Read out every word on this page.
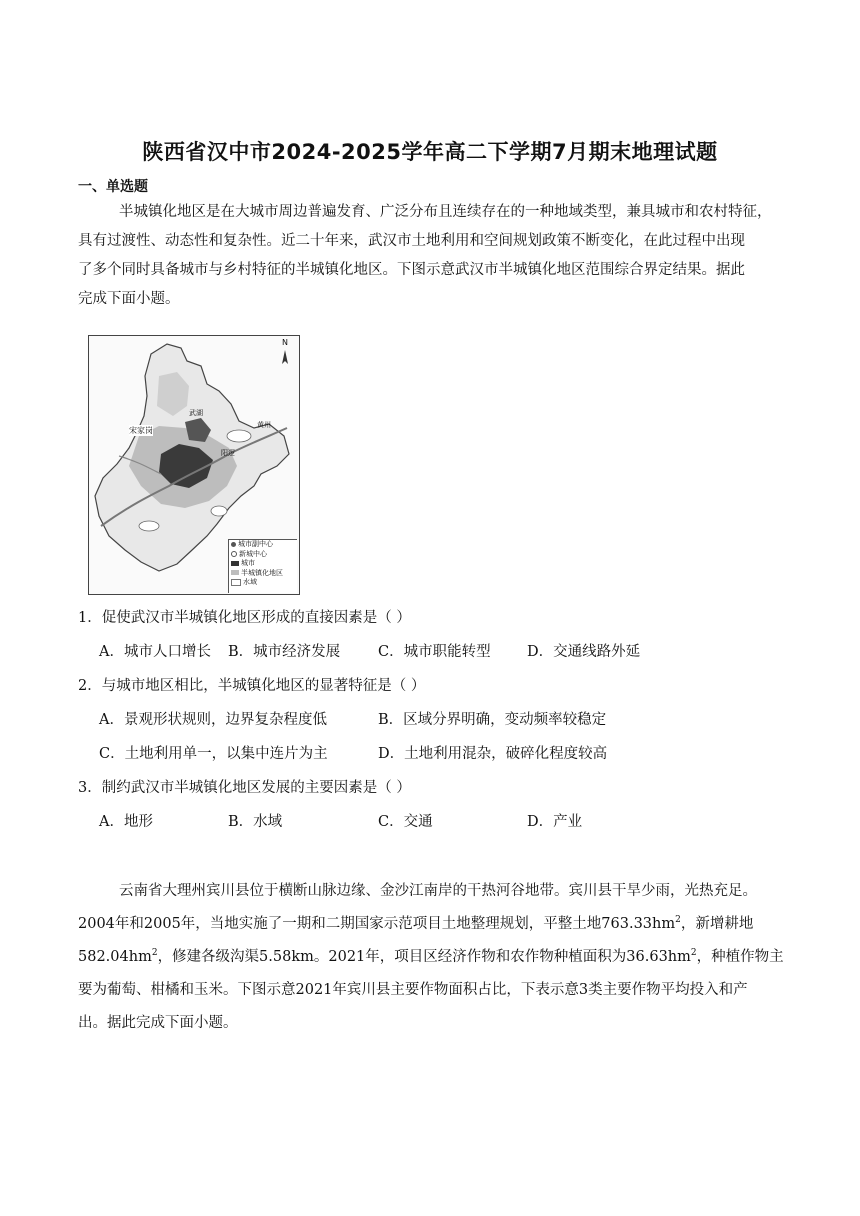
陕西省汉中市2024-2025学年高二下学期7月期末地理试题
一、单选题
半城镇化地区是在大城市周边普遍发育、广泛分布且连续存在的一种地域类型，兼具城市和农村特征，
具有过渡性、动态性和复杂性。近二十年来，武汉市土地利用和空间规划政策不断变化，在此过程中出现
了多个同时具备城市与乡村特征的半城镇化地区。下图示意武汉市半城镇化地区范围综合界定结果。据此
完成下面小题。
N
宋家岗
武湖
阳逻
黄州
城市副中心
新城中心
城市
半城镇化地区
水域
1．促使武汉市半城镇化地区形成的直接因素是（ ）
A．城市人口增长 B．城市经济发展	C．城市职能转型	D．交通线路外延
2．与城市地区相比，半城镇化地区的显著特征是（ ）
A．景观形状规则，边界复杂程度低	B．区域分界明确，变动频率较稳定
C．土地利用单一，以集中连片为主	D．土地利用混杂，破碎化程度较高
3．制约武汉市半城镇化地区发展的主要因素是（ ）
A．地形	B．水域	C．交通	D．产业
云南省大理州宾川县位于横断山脉边缘、金沙江南岸的干热河谷地带。宾川县干旱少雨，光热充足。
2004年和2005年，当地实施了一期和二期国家示范项目土地整理规划，平整土地$763.33hm^2$，新增耕地
$582.04hm^2$，修建各级沟渠5.58km。2021年，项目区经济作物和农作物种植面积为$36.63hm^2$，种植作物主
要为葡萄、柑橘和玉米。下图示意2021年宾川县主要作物面积占比，下表示意3类主要作物平均投入和产
出。据此完成下面小题。
